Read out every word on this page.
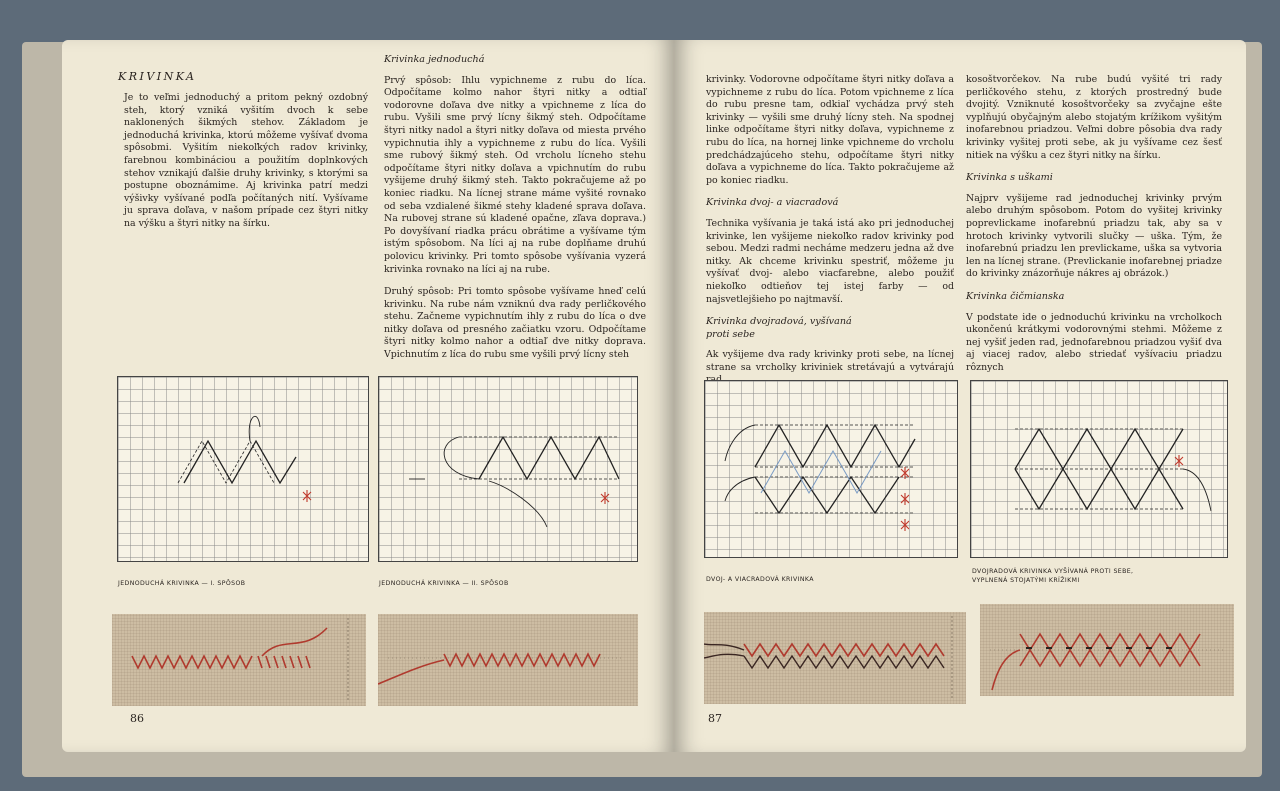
KRIVINKA

Je to veľmi jednoduchý a pritom pekný ozdobný steh, ktorý vzniká vyšitím dvoch k sebe naklonených šikmých stehov. Základom je jednoduchá krivinka, ktorú môžeme vyšívať dvoma spôsobmi. Vyšitím niekoľkých radov krivinky, farebnou kombináciou a použitím doplnkových stehov vznikajú ďalšie druhy krivinky, s ktorými sa postupne oboznámime. Aj krivinka patrí medzi výšivky vyšívané podľa počítaných nití. Vyšívame ju sprava doľava, v našom prípade cez štyri nitky na výšku a štyri nitky na šírku.

Krivinka jednoduchá

Prvý spôsob: Ihlu vypichneme z rubu do líca. Odpočítame kolmo nahor štyri nitky a odtiaľ vodorovne doľava dve nitky a vpichneme z líca do rubu. Vyšili sme prvý lícny šikmý steh. Odpočítame štyri nitky nadol a štyri nitky doľava od miesta prvého vypichnutia ihly a vypichneme z rubu do líca. Vyšili sme rubový šikmý steh. Od vrcholu lícneho stehu odpočítame štyri nitky doľava a vpichnutím do rubu vyšijeme druhý šikmý steh. Takto pokračujeme až po koniec riadku. Na lícnej strane máme vyšité rovnako od seba vzdialené šikmé stehy kladené sprava doľava. Na rubovej strane sú kladené opačne, zľava doprava.) Po dovyšívaní riadka prácu obrátime a vyšívame tým istým spôsobom. Na líci aj na rube doplňame druhú polovicu krivinky. Pri tomto spôsobe vyšívania vyzerá krivinka rovnako na líci aj na rube.

Druhý spôsob: Pri tomto spôsobe vyšívame hneď celú krivinku. Na rube nám vzniknú dva rady perličkového stehu. Začneme vypichnutím ihly z rubu do líca o dve nitky doľava od presného začiatku vzoru. Odpočítame štyri nitky kolmo nahor a odtiaľ dve nitky doprava. Vpichnutím z líca do rubu sme vyšili prvý lícny steh

JEDNODUCHÁ KRIVINKA — I. SPÔSOB	JEDNODUCHÁ KRIVINKA — II. SPÔSOB
86

krivinky. Vodorovne odpočítame štyri nitky doľava a vypichneme z rubu do líca. Potom vpichneme z líca do rubu presne tam, odkiaľ vychádza prvý steh krivinky — vyšili sme druhý lícny steh. Na spodnej linke odpočítame štyri nitky doľava, vypichneme z rubu do líca, na hornej linke vpichneme do vrcholu predchádzajúceho stehu, odpočítame štyri nitky doľava a vypichneme do líca. Takto pokračujeme až po koniec riadku.

Krivinka dvoj- a viacradová

Technika vyšívania je taká istá ako pri jednoduchej krivinke, len vyšijeme niekoľko radov krivinky pod sebou. Medzi radmi necháme medzeru jedna až dve nitky. Ak chceme krivinku spestriť, môžeme ju vyšívať dvoj- alebo viacfarebne, alebo použiť niekoľko odtieňov tej istej farby — od najsvetlejšieho po najtmavší.

Krivinka dvojradová, vyšívaná proti sebe

Ak vyšijeme dva rady krivinky proti sebe, na lícnej strane sa vrcholky kriviniek stretávajú a vytvárajú

kosoštvorčekov. Na rube budú vyšité tri rady perličkového stehu, z ktorých prostredný bude dvojitý. Vzniknuté kosoštvorčeky sa zvyčajne ešte vyplňujú obyčajným alebo stojatým krížikom vyšitým inofarebnou priadzou. Veľmi dobre pôsobia dva rady krivinky vyšitej proti sebe, ak ju vyšívame cez šesť nitiek na výšku a cez štyri nitky na šírku.

Krivinka s uškami

Najprv vyšijeme rad jednoduchej krivinky prvým alebo druhým spôsobom. Potom do vyšitej krivinky poprevlickame inofarebnú priadzu tak, aby sa v hrotoch krivinky vytvorili slučky — uška. Tým, že inofarebnú priadzu len prevlickame, uška sa vytvoria len na lícnej strane. (Prevlickanie inofarebnej priadze do krivinky znázorňuje nákres aj obrázok.)

Krivinka čičmianska

V podstate ide o jednoduchú krivinku na vrcholkoch ukončenú krátkymi vodorovnými stehmi. Môžeme z nej vyšiť jeden rad, jednofarebnou priadzou vyšiť dva aj viacej radov, alebo striedať vyšívaciu priadzu rôznych

DVOJ- A VIACRADOVÁ KRIVINKA
DVOJRADOVÁ KRIVINKA VYŠÍVANÁ PROTI SEBE,
VYPLNENÁ STOJATÝMI KRÍŽIKMI
87
